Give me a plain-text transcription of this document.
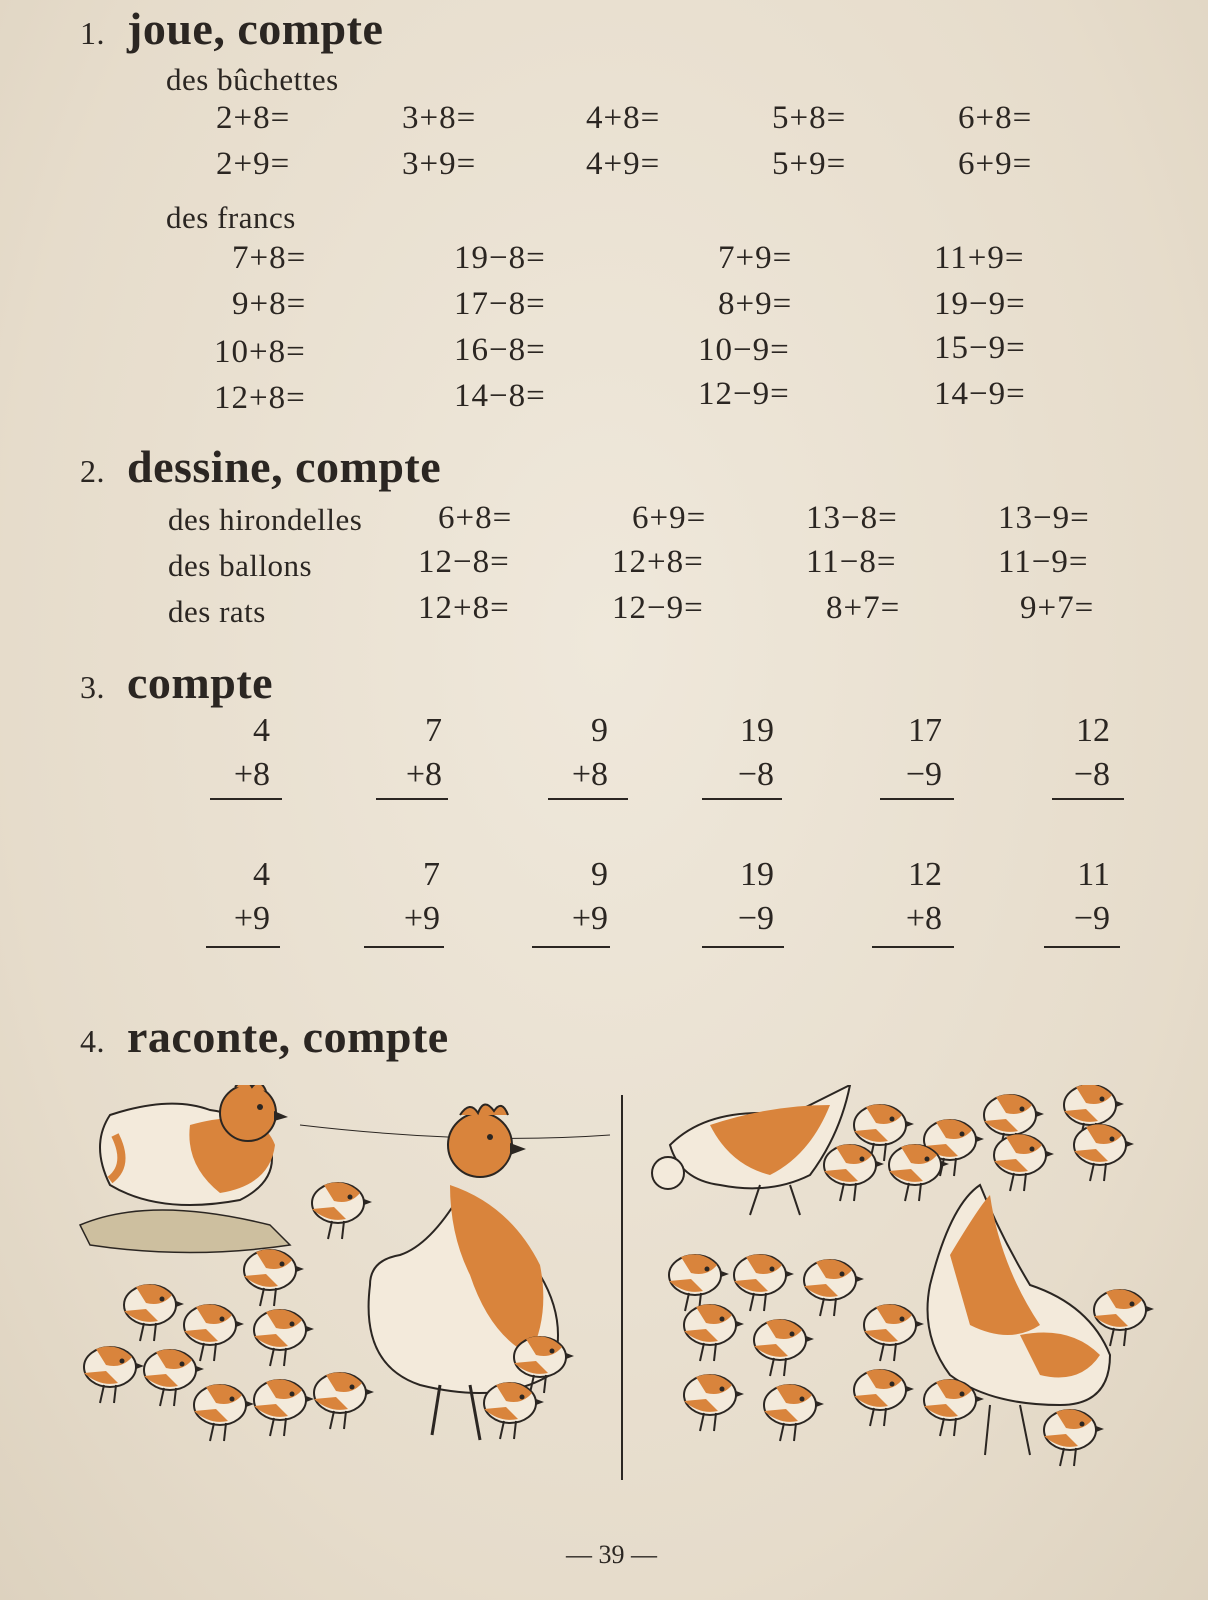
1. joue, compte
des bûchettes
2+8=	3+8=	4+8=	5+8=	6+8=
2+9=	3+9=	4+9=	5+9=	6+9=
des francs
7+8=	19−8=	7+9=	11+9=
9+8=	17−8=	8+9=	19−9=
10+8=	16−8=	10−9=	15−9=
12+8=	14−8=	12−9=	14−9=
2. dessine, compte
des hirondelles 6+8=	6+9=	13−8=	13−9=
des ballons	12−8=	12+8=	11−8=	11−9=
des rats	12+8=	12−9=	8+7=	9+7=
3. compte
4
+8
7
+8
9
+8
19
−8
17
−9
12
−8
4
+9
7
+9
9
+9
19
−9
12
+8
11
−9
4. raconte, compte
— 39 —
